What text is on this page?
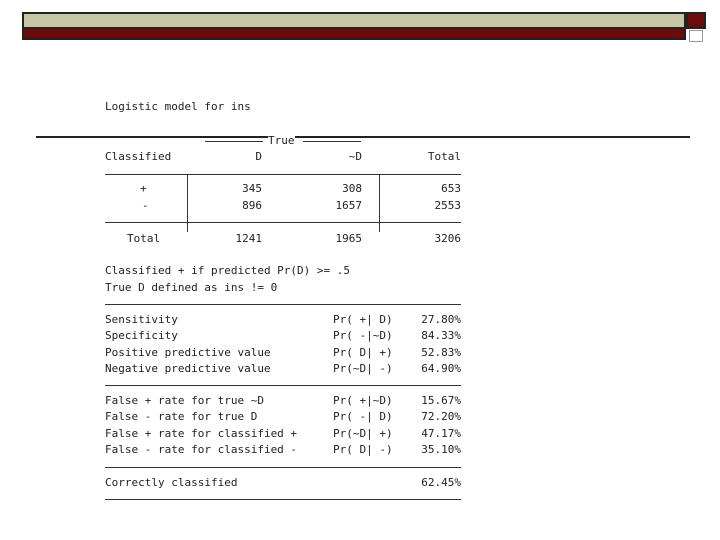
Logistic model for ins
True
Classified	D	~D	Total
+	345	308	653
-	896	1657	2553
Total	1241	1965	3206
Classified + if predicted Pr(D) >= .5
True D defined as ins != 0
Sensitivity	Pr( +| D)	27.80%
Specificity	Pr( -|~D)	84.33%
Positive predictive value	Pr( D| +)	52.83%
Negative predictive value	Pr(~D| -)	64.90%
False + rate for true ~D	Pr( +|~D)	15.67%
False - rate for true D	Pr( -| D)	72.20%
False + rate for classified +	Pr(~D| +)	47.17%
False - rate for classified -	Pr( D| -)	35.10%
Correctly classified	62.45%
